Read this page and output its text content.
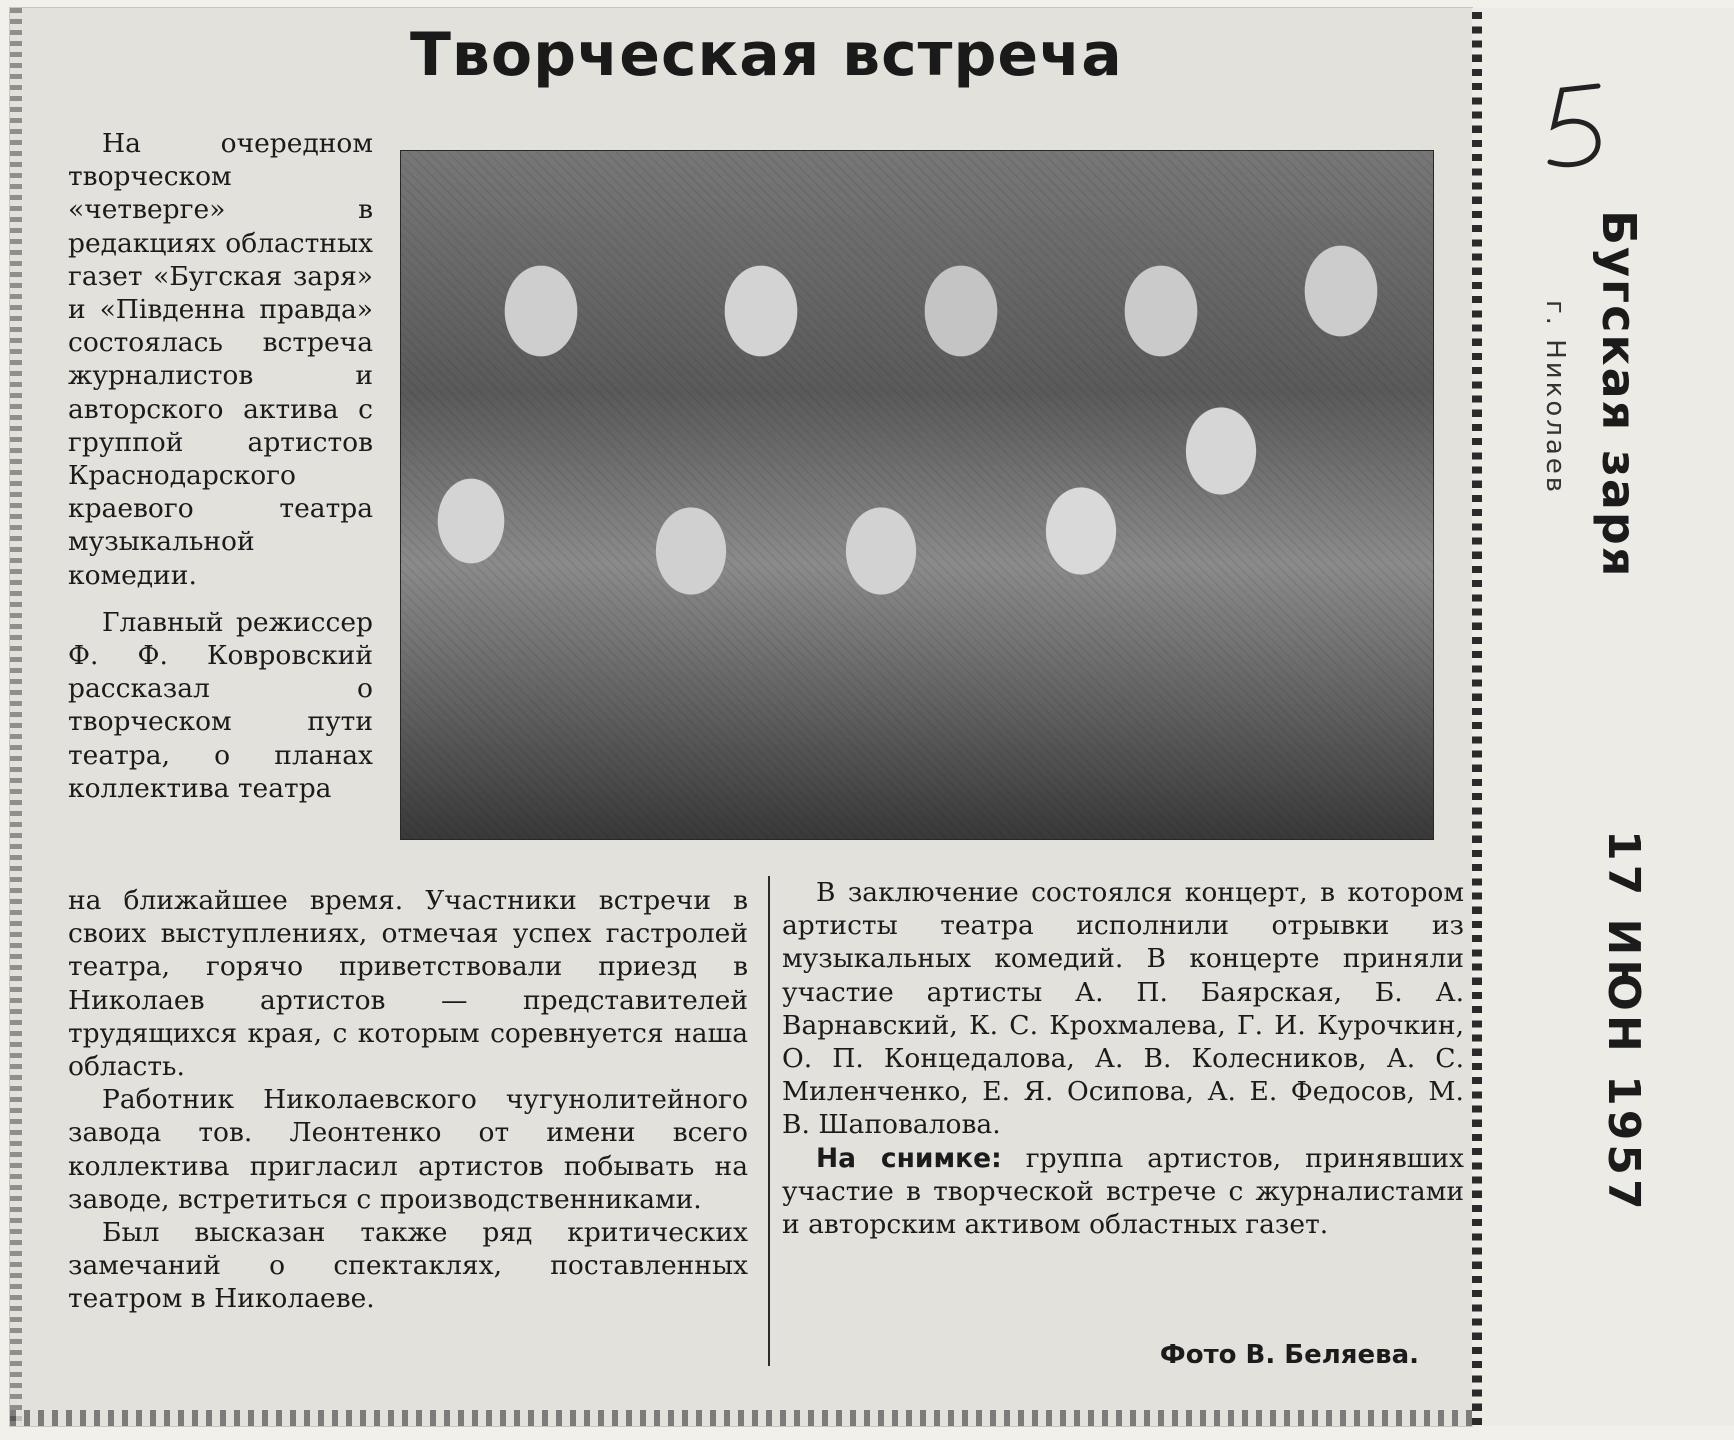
Творческая встреча

На очередном творческом «четверге» в редакциях областных газет «Бугская заря» и «Пiвденна правда» состоялась встреча журналистов и авторского актива с группой артистов Краснодарского краевого театра музыкальной комедии.

Главный режиссер Ф. Ф. Ковровский рассказал о творческом пути театра, о планах коллектива театра

на ближайшее время. Участники встречи в своих выступлениях, отмечая успех гастролей театра, горячо приветствовали приезд в Николаев артистов — представителей трудящихся края, с которым соревнуется наша область.

Работник Николаевского чугунолитейного завода тов. Леонтенко от имени всего коллектива пригласил артистов побывать на заводе, встретиться с производственниками.

Был высказан также ряд критических замечаний о спектаклях, поставленных театром в Николаеве.

В заключение состоялся концерт, в котором артисты театра исполнили отрывки из музыкальных комедий. В концерте приняли участие артисты А. П. Баярская, Б. А. Варнавский, К. С. Крохмалева, Г. И. Курочкин, О. П. Концедалова, А. В. Колесников, А. С. Миленченко, Е. Я. Осипова, А. Е. Федосов, М. В. Шаповалова.

На снимке: группа артистов, принявших участие в творческой встрече с журналистами и авторским активом областных газет.

Фото В. Беляева.
Бугская заря
г. Николаев
17 ИЮН 1957
